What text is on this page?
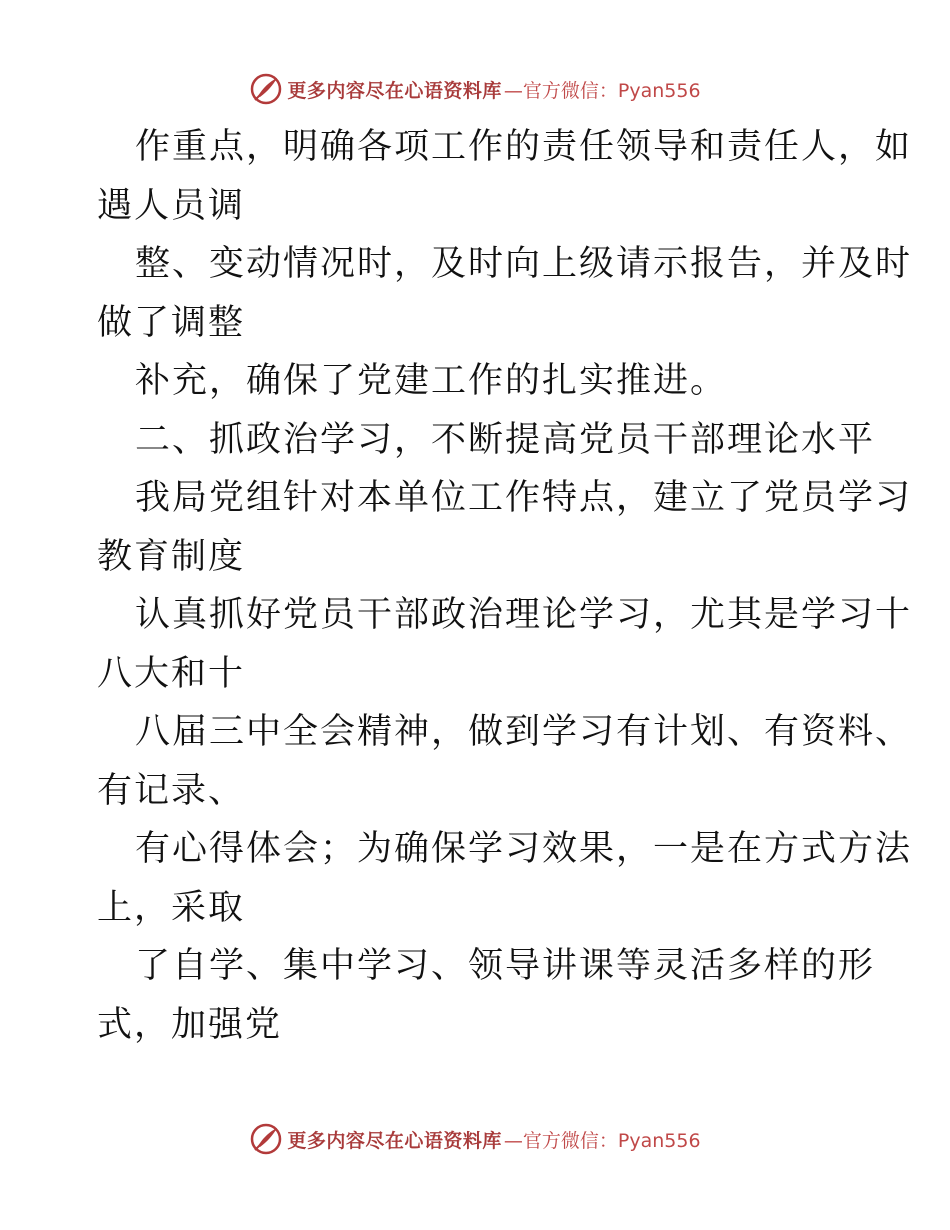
更多内容尽在心语资料库 —官方微信：Pyan556
作重点，明确各项工作的责任领导和责任人，如
遇人员调
整、变动情况时，及时向上级请示报告，并及时
做了调整
补充，确保了党建工作的扎实推进。
二、抓政治学习，不断提高党员干部理论水平
我局党组针对本单位工作特点，建立了党员学习
教育制度
认真抓好党员干部政治理论学习，尤其是学习十
八大和十
八届三中全会精神，做到学习有计划、有资料、
有记录、
有心得体会；为确保学习效果，一是在方式方法
上，采取
了自学、集中学习、领导讲课等灵活多样的形
式，加强党
更多内容尽在心语资料库 —官方微信：Pyan556
